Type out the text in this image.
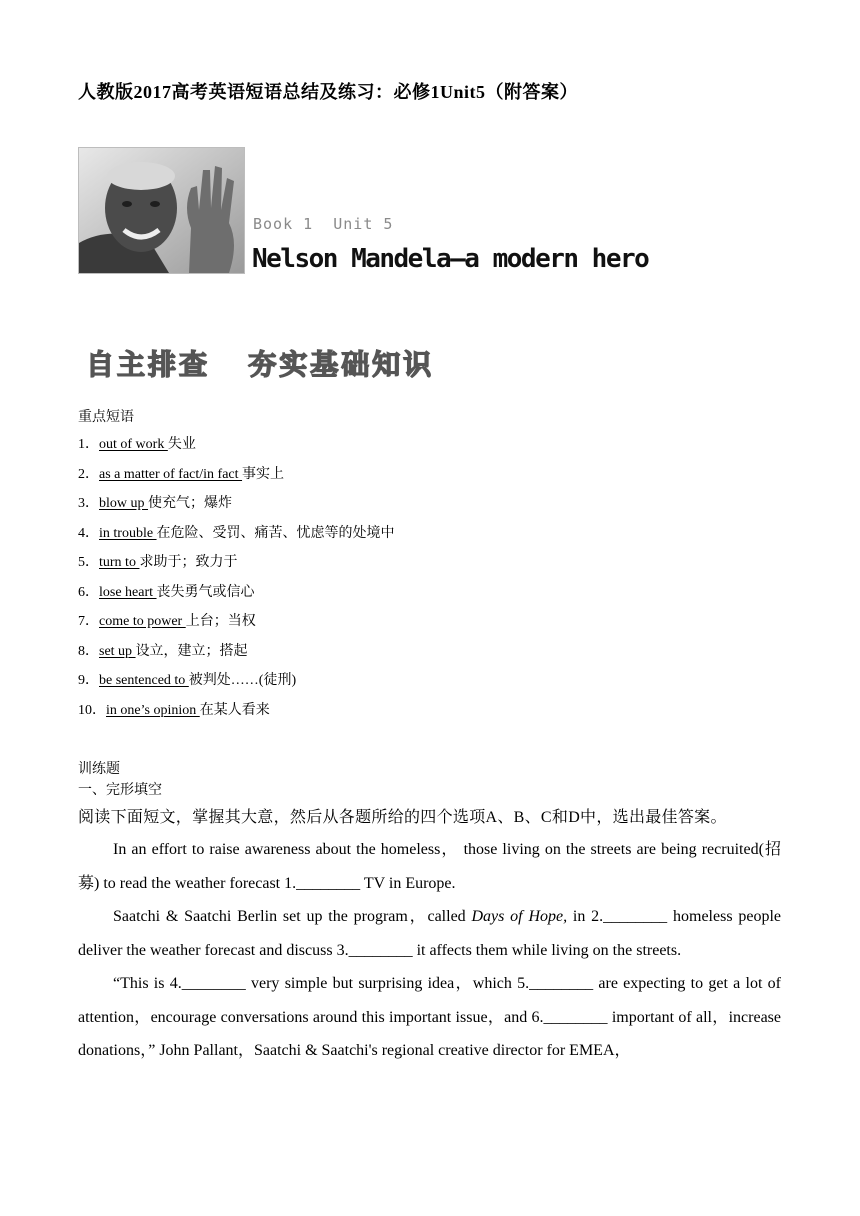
人教版2017高考英语短语总结及练习：必修1Unit5（附答案）
Book 1  Unit 5
Nelson Mandela—a modern hero
自主排查   夯实基础知识
重点短语
1．out of work 失业
2．as a matter of fact/in fact 事实上
3．blow up 使充气；爆炸
4．in trouble 在危险、受罚、痛苦、忧虑等的处境中
5．turn to 求助于；致力于
6．lose heart 丧失勇气或信心
7．come to power 上台；当权
8．set up 设立，建立；搭起
9．be sentenced to 被判处……(徒刑)
10．in one’s opinion 在某人看来
训练题
一、完形填空
阅读下面短文，掌握其大意，然后从各题所给的四个选项A、B、C和D中，选出最佳答案。

In an effort to raise awareness about the homeless， those living on the streets are being recruited(招募) to read the weather forecast 1.________ TV in Europe.

Saatchi & Saatchi Berlin set up the program，called Days of Hope, in 2.________ homeless people deliver the weather forecast and discuss 3.________ it affects them while living on the streets.

“This is 4.________ very simple but surprising idea，which 5.________ are expecting to get a lot of attention，encourage conversations around this important issue，and 6.________ important of all，increase donations，” John Pallant，Saatchi & Saatchi's regional creative director for EMEA，
